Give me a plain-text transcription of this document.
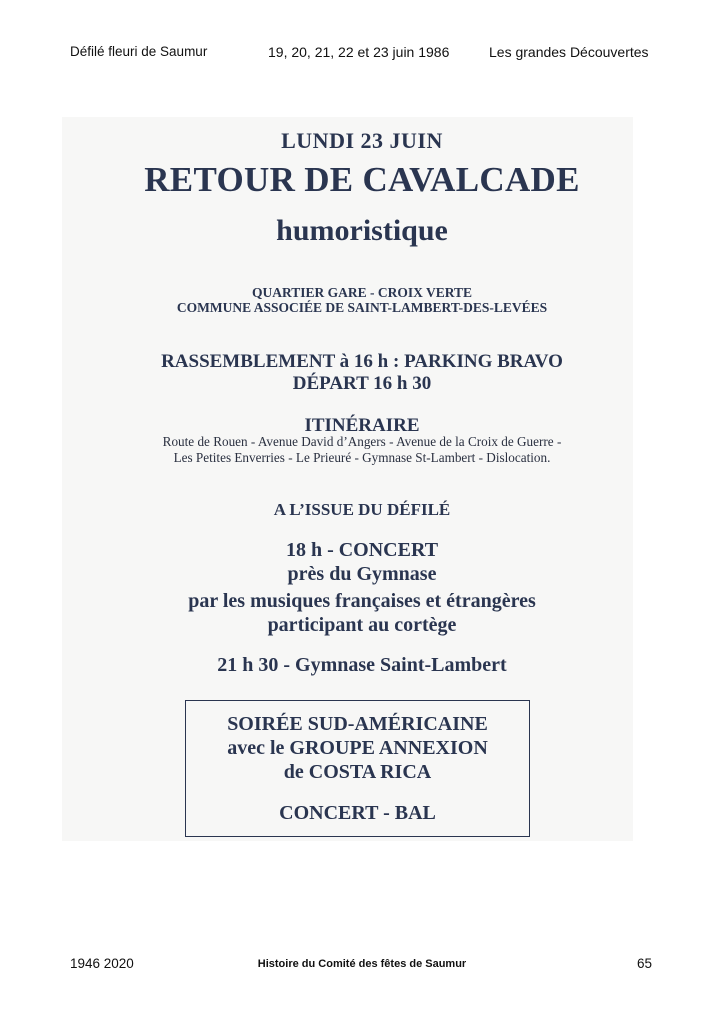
Défilé fleuri de Saumur	19, 20, 21, 22 et 23 juin 1986	Les grandes Découvertes
LUNDI 23 JUIN
RETOUR DE CAVALCADE
humoristique
QUARTIER GARE - CROIX VERTE
COMMUNE ASSOCIÉE DE SAINT-LAMBERT-DES-LEVÉES
RASSEMBLEMENT à 16 h : PARKING BRAVO
DÉPART 16 h 30
ITINÉRAIRE
Route de Rouen - Avenue David d’Angers - Avenue de la Croix de Guerre -
Les Petites Enverries - Le Prieuré - Gymnase St-Lambert - Dislocation.
A L’ISSUE DU DÉFILÉ
18 h - CONCERT
près du Gymnase
par les musiques françaises et étrangères
participant au cortège
21 h 30 - Gymnase Saint-Lambert
SOIRÉE SUD-AMÉRICAINE
avec le GROUPE ANNEXION
de COSTA RICA
CONCERT - BAL
1946 2020	Histoire du Comité des fêtes de Saumur	65
